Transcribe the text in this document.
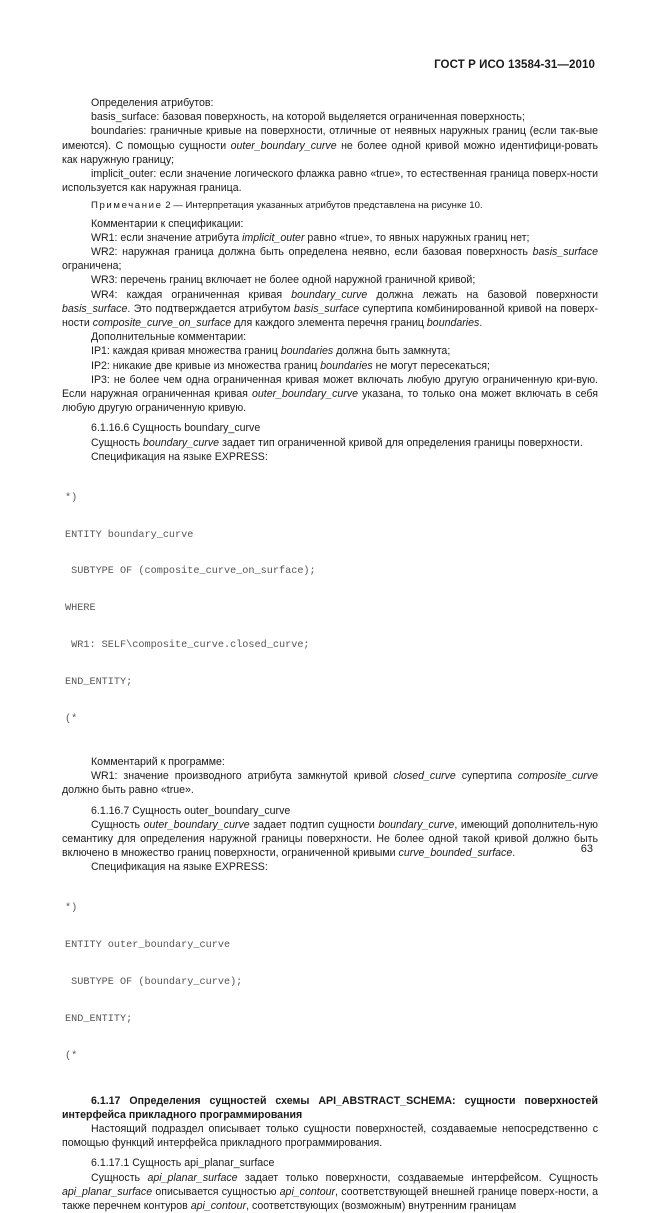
ГОСТ Р ИСО 13584-31—2010

Определения атрибутов:

basis_surface: базовая поверхность, на которой выделяется ограниченная поверхность;

boundaries: граничные кривые на поверхности, отличные от неявных наружных границ (если так-вые имеются). С помощью сущности outer_boundary_curve не более одной кривой можно идентифици-ровать как наружную границу;

implicit_outer: если значение логического флажка равно «true», то естественная граница поверх-ности используется как наружная граница.

Примечание 2 — Интерпретация указанных атрибутов представлена на рисунке 10.

Комментарии к спецификации:

WR1: если значение атрибута implicit_outer равно «true», то явных наружных границ нет;

WR2: наружная граница должна быть определена неявно, если базовая поверхность basis_surface ограничена;

WR3: перечень границ включает не более одной наружной граничной кривой;

WR4: каждая ограниченная кривая boundary_curve должна лежать на базовой поверхности basis_surface. Это подтверждается атрибутом basis_surface супертипа комбинированной кривой на поверх-ности composite_curve_on_surface для каждого элемента перечня границ boundaries.

Дополнительные комментарии:

IP1: каждая кривая множества границ boundaries должна быть замкнута;

IP2: никакие две кривые из множества границ boundaries не могут пересекаться;

IP3: не более чем одна ограниченная кривая может включать любую другую ограниченную кри-вую. Если наружная ограниченная кривая outer_boundary_curve указана, то только она может включать в себя любую другую ограниченную кривую.

6.1.16.6 Сущность boundary_curve

Сущность boundary_curve задает тип ограниченной кривой для определения границы поверхности.

Спецификация на языке EXPRESS:

*)

ENTITY boundary_curve

SUBTYPE OF (composite_curve_on_surface);

WHERE

WR1: SELF\composite_curve.closed_curve;

END_ENTITY;

(*

Комментарий к программе:

WR1: значение производного атрибута замкнутой кривой closed_curve супертипа composite_curve должно быть равно «true».

6.1.16.7 Сущность outer_boundary_curve

Сущность outer_boundary_curve задает подтип сущности boundary_curve, имеющий дополнитель-ную семантику для определения наружной границы поверхности. Не более одной такой кривой должно быть включено в множество границ поверхности, ограниченной кривыми curve_bounded_surface.

Спецификация на языке EXPRESS:

*)

ENTITY outer_boundary_curve

SUBTYPE OF (boundary_curve);

END_ENTITY;

(*

6.1.17 Определения сущностей схемы API_ABSTRACT_SCHEMA: сущности поверхностей интерфейса прикладного программирования

Настоящий подраздел описывает только сущности поверхностей, создаваемые непосредственно с помощью функций интерфейса прикладного программирования.

6.1.17.1 Сущность api_planar_surface

Сущность api_planar_surface задает только поверхности, создаваемые интерфейсом. Сущность api_planar_surface описывается сущностью api_contour, соответствующей внешней границе поверх-ности, а также перечнем контуров api_contour, соответствующих (возможным) внутренним границам

63
